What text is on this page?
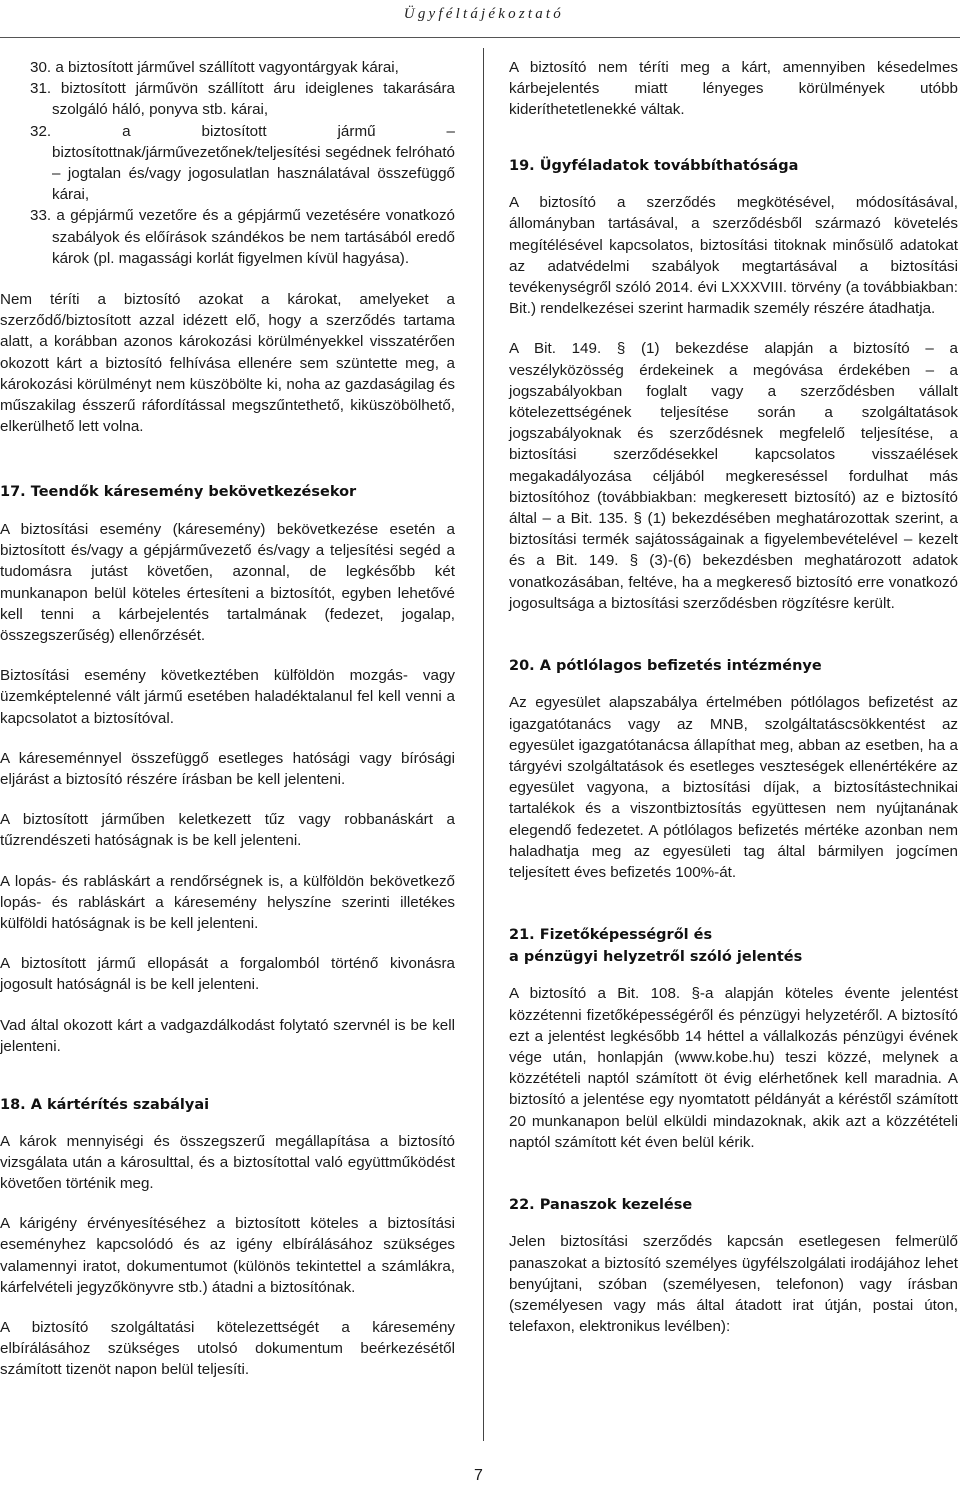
Ügyféltájékoztató

30. a biztosított járművel szállított vagyontárgyak kárai,

31. biztosított járművön szállított áru ideiglenes takarására szolgáló háló, ponyva stb. kárai,

32. a biztosított jármű – biztosítottnak/járművezetőnek/teljesítési segédnek felróható – jogtalan és/vagy jogosulatlan használatával összefüggő kárai,

33. a gépjármű vezetőre és a gépjármű vezetésére vonatkozó szabályok és előírások szándékos be nem tartásából eredő károk (pl. magassági korlát figyelmen kívül hagyása).

Nem téríti a biztosító azokat a károkat, amelyeket a szerződő/biztosított azzal idézett elő, hogy a szerződés tartama alatt, a korábban azonos károkozási körülményekkel visszatérően okozott kárt a biztosító felhívása ellenére sem szüntette meg, a károkozási körülményt nem küszöbölte ki, noha az gazdaságilag és műszakilag ésszerű ráfordítással megszűntethető, kiküszöbölhető, elkerülhető lett volna.

17. Teendők káresemény bekövetkezésekor

A biztosítási esemény (káresemény) bekövetkezése esetén a biztosított és/vagy a gépjárművezető és/vagy a teljesítési segéd a tudomásra jutást követően, azonnal, de legkésőbb két munkanapon belül köteles értesíteni a biztosítót, egyben lehetővé kell tenni a kárbejelentés tartalmának (fedezet, jogalap, összegszerűség) ellenőrzését.

Biztosítási esemény következtében külföldön mozgás- vagy üzemképtelenné vált jármű esetében haladéktalanul fel kell venni a kapcsolatot a biztosítóval.

A káreseménnyel összefüggő esetleges hatósági vagy bírósági eljárást a biztosító részére írásban be kell jelenteni.

A biztosított járműben keletkezett tűz vagy robbanáskárt a tűzrendészeti hatóságnak is be kell jelenteni.

A lopás- és rabláskárt a rendőrségnek is, a külföldön bekövetkező lopás- és rabláskárt a káresemény helyszíne szerinti illetékes külföldi hatóságnak is be kell jelenteni.

A biztosított jármű ellopását a forgalomból történő kivonásra jogosult hatóságnál is be kell jelenteni.

Vad által okozott kárt a vadgazdálkodást folytató szervnél is be kell jelenteni.

18. A kártérítés szabályai

A károk mennyiségi és összegszerű megállapítása a biztosító vizsgálata után a károsulttal, és a biztosítottal való együttműködést követően történik meg.

A kárigény érvényesítéséhez a biztosított köteles a biztosítási eseményhez kapcsolódó és az igény elbírálásához szükséges valamennyi iratot, dokumentumot (különös tekintettel a számlákra, kárfelvételi jegyzőkönyvre stb.) átadni a biztosítónak.

A biztosító szolgáltatási kötelezettségét a káresemény elbírálásához szükséges utolsó dokumentum beérkezésétől számított tizenöt napon belül teljesíti.

A biztosító nem téríti meg a kárt, amennyiben késedelmes kárbejelentés miatt lényeges körülmények utóbb kideríthetetlenekké váltak.

19. Ügyféladatok továbbíthatósága

A biztosító a szerződés megkötésével, módosításával, állományban tartásával, a szerződésből származó követelés megítélésével kapcsolatos, biztosítási titoknak minősülő adatokat az adatvédelmi szabályok megtartásával a biztosítási tevékenységről szóló 2014. évi LXXXVIII. törvény (a továbbiakban: Bit.) rendelkezései szerint harmadik személy részére átadhatja.

A Bit. 149. § (1) bekezdése alapján a biztosító – a veszélyközösség érdekeinek a megóvása érdekében – a jogszabályokban foglalt vagy a szerződésben vállalt kötelezettségének teljesítése során a szolgáltatások jogszabályoknak és szerződésnek megfelelő teljesítése, a biztosítási szerződésekkel kapcsolatos visszaélések megakadályozása céljából megkereséssel fordulhat más biztosítóhoz (továbbiakban: megkeresett biztosító) az e biztosító által – a Bit. 135. § (1) bekezdésében meghatározottak szerint, a biztosítási termék sajátosságainak a figyelembevételével – kezelt és a Bit. 149. § (3)-(6) bekezdésben meghatározott adatok vonatkozásában, feltéve, ha a megkereső biztosító erre vonatkozó jogosultsága a biztosítási szerződésben rögzítésre került.

20. A pótlólagos befizetés intézménye

Az egyesület alapszabálya értelmében pótlólagos befizetést az igazgatótanács vagy az MNB, szolgáltatáscsökkentést az egyesület igazgatótanácsa állapíthat meg, abban az esetben, ha a tárgyévi szolgáltatások és esetleges veszteségek ellenértékére az egyesület vagyona, a biztosítási díjak, a biztosítástechnikai tartalékok és a viszontbiztosítás együttesen nem nyújtanának elegendő fedezetet. A pótlólagos befizetés mértéke azonban nem haladhatja meg az egyesületi tag által bármilyen jogcímen teljesített éves befizetés 100%-át.

21. Fizetőképességről és
a pénzügyi helyzetről szóló jelentés

A biztosító a Bit. 108. §-a alapján köteles évente jelentést közzétenni fizetőképességéről és pénzügyi helyzetéről. A biztosító ezt a jelentést legkésőbb 14 héttel a vállalkozás pénzügyi évének vége után, honlapján (www.kobe.hu) teszi közzé, melynek a közzétételi naptól számított öt évig elérhetőnek kell maradnia. A biztosító a jelentése egy nyomtatott példányát a kéréstől számított 20 munkanapon belül elküldi mindazoknak, akik azt a közzétételi naptól számított két éven belül kérik.

22. Panaszok kezelése

Jelen biztosítási szerződés kapcsán esetlegesen felmerülő panaszokat a biztosító személyes ügyfélszolgálati irodájához lehet benyújtani, szóban (személyesen, telefonon) vagy írásban (személyesen vagy más által átadott irat útján, postai úton, telefaxon, elektronikus levélben):

7
